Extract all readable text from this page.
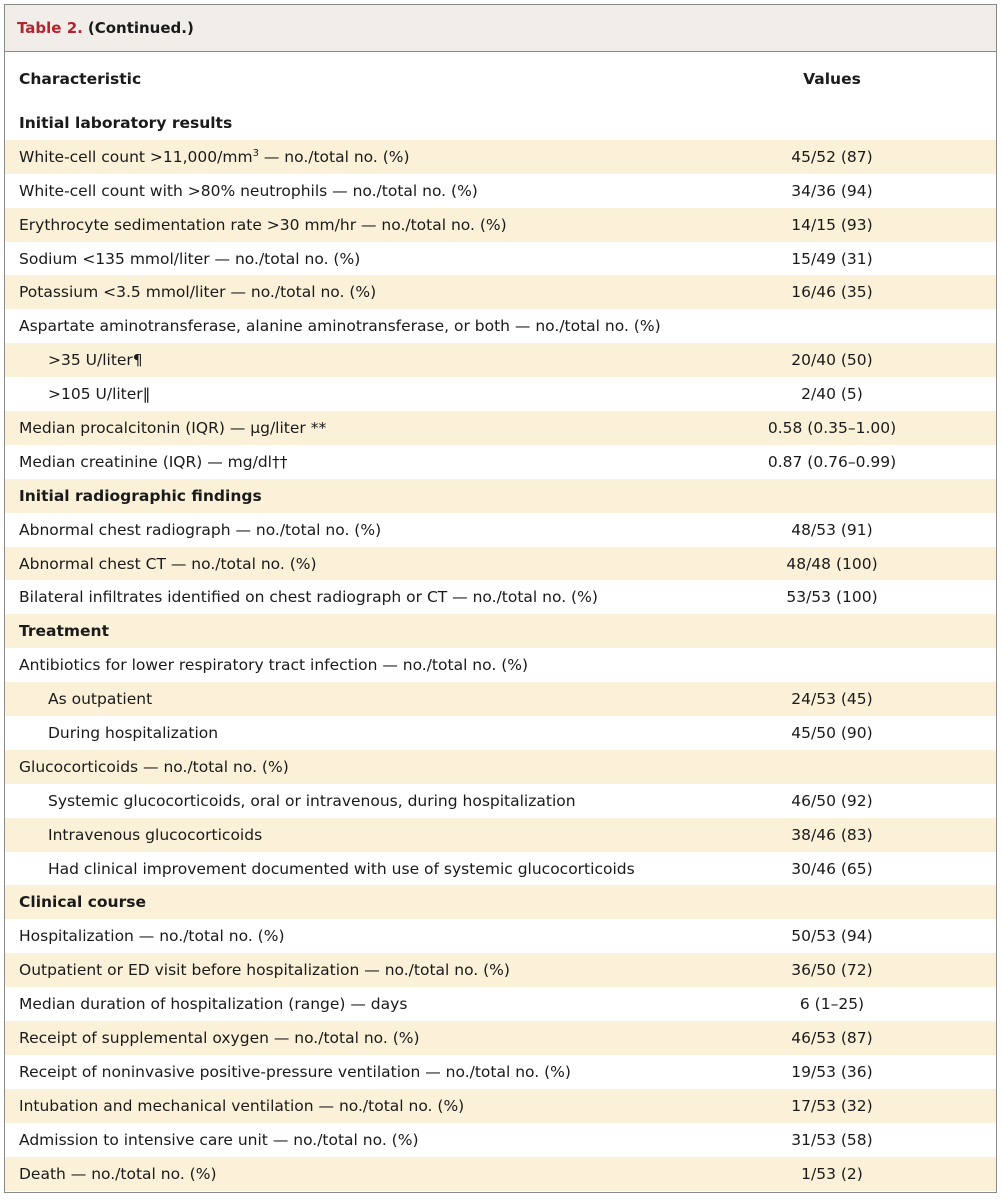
Table 2. (Continued.)
Characteristic	Values
Initial laboratory results
White-cell count $>11,000/mm^3$ — no./total no. (%)	45/52 (87)
White-cell count with >80% neutrophils — no./total no. (%)	34/36 (94)
Erythrocyte sedimentation rate >30 mm/hr — no./total no. (%)	14/15 (93)
Sodium <135 mmol/liter — no./total no. (%)	15/49 (31)
Potassium <3.5 mmol/liter — no./total no. (%)	16/46 (35)
Aspartate aminotransferase, alanine aminotransferase, or both — no./total no. (%)
>35 U/liter¶	20/40 (50)
>105 U/liter‖	2/40 (5)
Median procalcitonin (IQR) — μg/liter **	0.58 (0.35–1.00)
Median creatinine (IQR) — mg/dl††	0.87 (0.76–0.99)
Initial radiographic findings
Abnormal chest radiograph — no./total no. (%)	48/53 (91)
Abnormal chest CT — no./total no. (%)	48/48 (100)
Bilateral infiltrates identified on chest radiograph or CT — no./total no. (%)	53/53 (100)
Treatment
Antibiotics for lower respiratory tract infection — no./total no. (%)
As outpatient	24/53 (45)
During hospitalization	45/50 (90)
Glucocorticoids — no./total no. (%)
Systemic glucocorticoids, oral or intravenous, during hospitalization	46/50 (92)
Intravenous glucocorticoids	38/46 (83)
Had clinical improvement documented with use of systemic glucocorticoids	30/46 (65)
Clinical course
Hospitalization — no./total no. (%)	50/53 (94)
Outpatient or ED visit before hospitalization — no./total no. (%)	36/50 (72)
Median duration of hospitalization (range) — days	6 (1–25)
Receipt of supplemental oxygen — no./total no. (%)	46/53 (87)
Receipt of noninvasive positive-pressure ventilation — no./total no. (%)	19/53 (36)
Intubation and mechanical ventilation — no./total no. (%)	17/53 (32)
Admission to intensive care unit — no./total no. (%)	31/53 (58)
Death — no./total no. (%)	1/53 (2)
